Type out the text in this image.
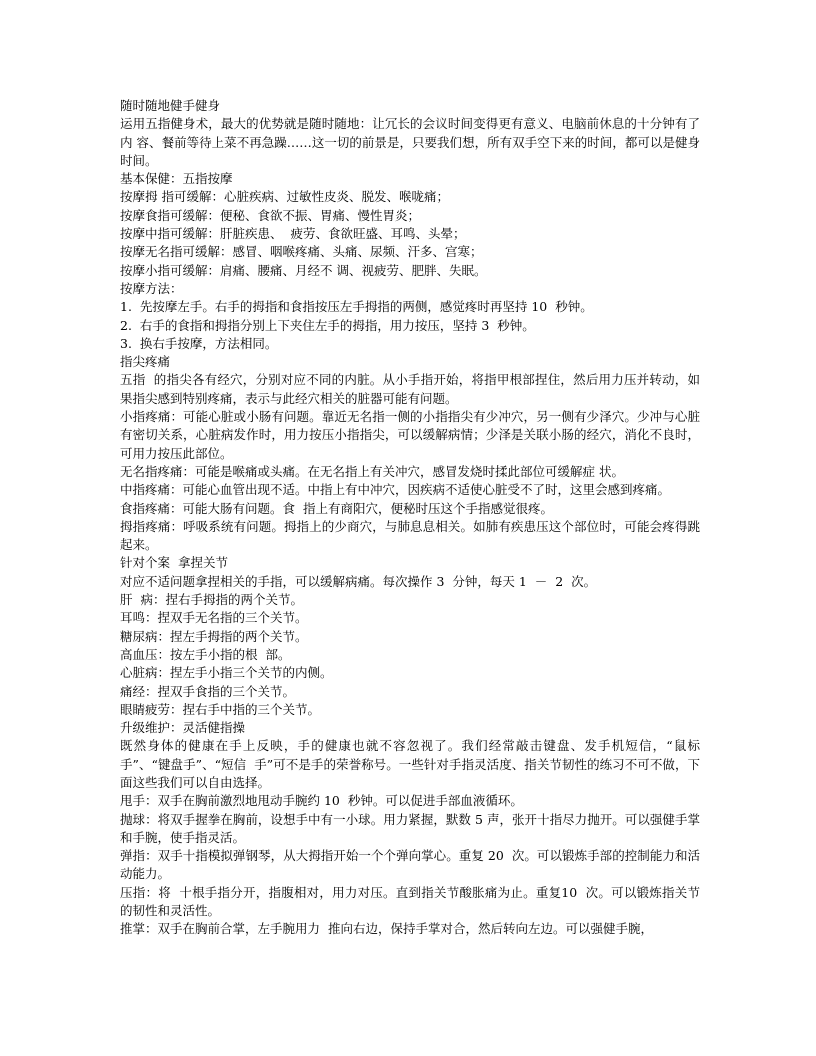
随时随地健手健身

运用五指健身术，最大的优势就是随时随地：让冗长的会议时间变得更有意义、电脑前休息的十分钟有了内 容、餐前等待上菜不再急躁……这一切的前景是，只要我们想，所有双手空下来的时间，都可以是健身时间。

基本保健：五指按摩

按摩拇 指可缓解：心脏疾病、过敏性皮炎、脱发、喉咙痛；

按摩食指可缓解：便秘、食欲不振、胃痛、慢性胃炎；

按摩中指可缓解：肝脏疾患、  疲劳、食欲旺盛、耳鸣、头晕；

按摩无名指可缓解：感冒、咽喉疼痛、头痛、尿频、汗多、宫寒；

按摩小指可缓解：肩痛、腰痛、月经不 调、视疲劳、肥胖、失眠。

按摩方法：

1.  先按摩左手。右手的拇指和食指按压左手拇指的两侧，感觉疼时再坚持 10  秒钟。

2.  右手的食指和拇指分别上下夹住左手的拇指，用力按压，坚持 3  秒钟。

3.  换右手按摩，方法相同。

指尖疼痛

五指  的指尖各有经穴，分别对应不同的内脏。从小手指开始，将指甲根部捏住，然后用力压并转动，如果指尖感到特别疼痛，表示与此经穴相关的脏器可能有问题。

小指疼痛：可能心脏或小肠有问题。靠近无名指一侧的小指指尖有少冲穴，另一侧有少泽穴。少冲与心脏有密切关系，心脏病发作时，用力按压小指指尖，可以缓解病情；少泽是关联小肠的经穴，消化不良时，可用力按压此部位。

无名指疼痛：可能是喉痛或头痛。在无名指上有关冲穴，感冒发烧时揉此部位可缓解症 状。

中指疼痛：可能心血管出现不适。中指上有中冲穴，因疾病不适使心脏受不了时，这里会感到疼痛。

食指疼痛：可能大肠有问题。食  指上有商阳穴，便秘时压这个手指感觉很疼。

拇指疼痛：呼吸系统有问题。拇指上的少商穴，与肺息息相关。如肺有疾患压这个部位时，可能会疼得跳  起来。

针对个案  拿捏关节

对应不适问题拿捏相关的手指，可以缓解病痛。每次操作 3  分钟，每天 1  －  2  次。

肝  病：捏右手拇指的两个关节。

耳鸣：捏双手无名指的三个关节。

糖尿病：捏左手拇指的两个关节。

高血压：按左手小指的根  部。

心脏病：捏左手小指三个关节的内侧。

痛经：捏双手食指的三个关节。

眼睛疲劳：捏右手中指的三个关节。

升级维护：灵活健指操

既然身体的健康在手上反映，手的健康也就不容忽视了。我们经常敲击键盘、发手机短信，“鼠标手”、“键盘手”、“短信  手”可不是手的荣誉称号。一些针对手指灵活度、指关节韧性的练习不可不做，下面这些我们可以自由选择。

甩手：双手在胸前激烈地甩动手腕约 10  秒钟。可以促进手部血液循环。

抛球：将双手握拳在胸前，设想手中有一小球。用力紧握，默数 5 声，张开十指尽力抛开。可以强健手掌和手腕，使手指灵活。

弹指：双手十指模拟弹钢琴，从大拇指开始一个个弹向掌心。重复 20  次。可以锻炼手部的控制能力和活动能力。

压指：将  十根手指分开，指腹相对，用力对压。直到指关节酸胀痛为止。重复10  次。可以锻炼指关节的韧性和灵活性。

推掌：双手在胸前合掌，左手腕用力  推向右边，保持手掌对合，然后转向左边。可以强健手腕，
